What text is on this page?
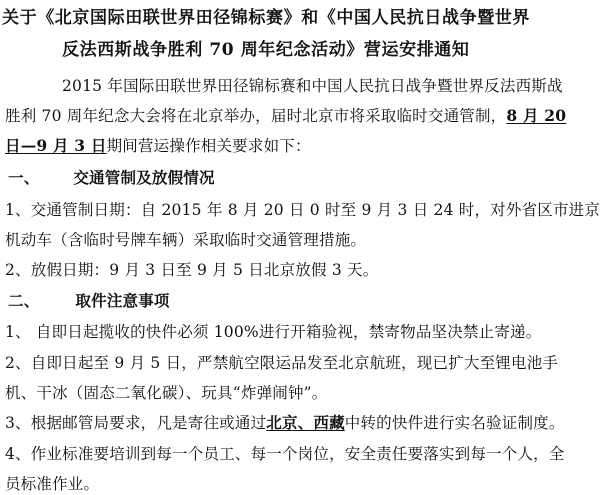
关于《北京国际田联世界田径锦标赛》和《中国人民抗日战争暨世界
反法西斯战争胜利 70 周年纪念活动》营运安排通知
2015 年国际田联世界田径锦标赛和中国人民抗日战争暨世界反法西斯战
胜利 70 周年纪念大会将在北京举办，届时北京市将采取临时交通管制，8 月 20
日—9 月 3 日期间营运操作相关要求如下：
一、 交通管制及放假情况
1、交通管制日期：自 2015 年 8 月 20 日 0 时至 9 月 3 日 24 时，对外省区市进京
机动车（含临时号牌车辆）采取临时交通管理措施。
2、放假日期：9 月 3 日至 9 月 5 日北京放假 3 天。
二、 取件注意事项
1、 自即日起揽收的快件必须 100%进行开箱验视，禁寄物品坚决禁止寄递。
2、自即日起至 9 月 5 日，严禁航空限运品发至北京航班，现已扩大至锂电池手
机、干冰（固态二氧化碳）、玩具“炸弹闹钟”。
3、根据邮管局要求，凡是寄往或通过北京、西藏中转的快件进行实名验证制度。
4、作业标准要培训到每一个员工、每一个岗位，安全责任要落实到每一个人，全
员标准作业。
